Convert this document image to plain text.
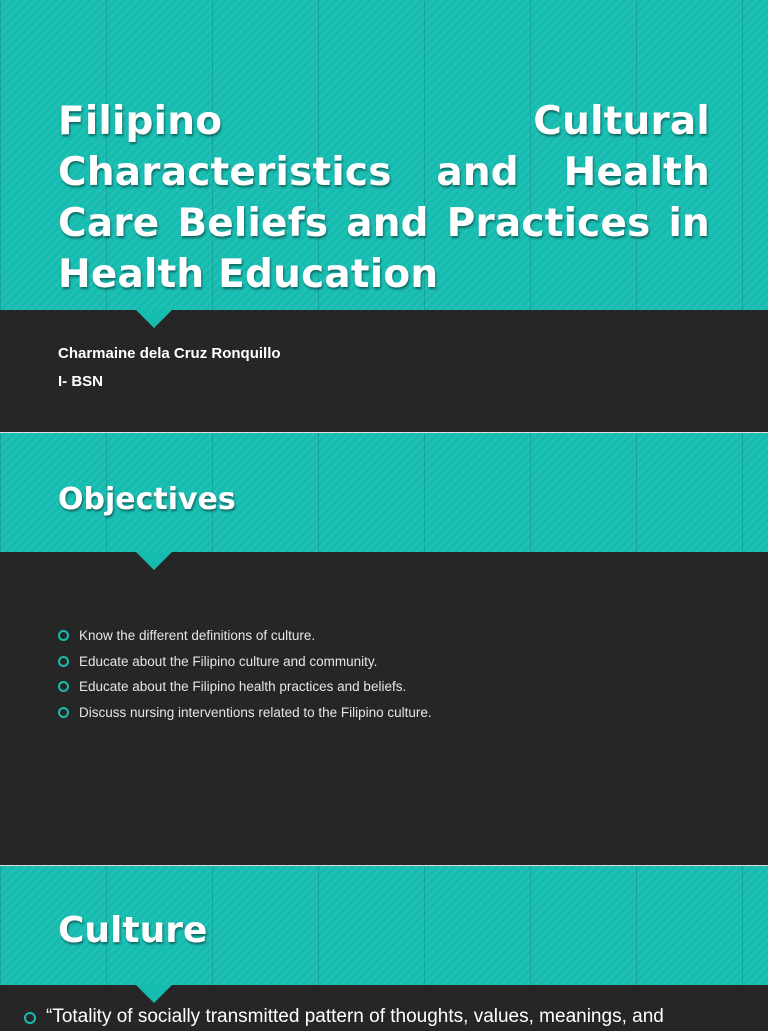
Filipino Cultural Characteristics and Health Care Beliefs and Practices in Health Education
Charmaine dela Cruz Ronquillo
I- BSN
Objectives
Know the different definitions of culture.
Educate about the Filipino culture and community.
Educate about the Filipino health practices and beliefs.
Discuss nursing interventions related to the Filipino culture.
Culture
“Totality of socially transmitted pattern of thoughts, values, meanings, and
